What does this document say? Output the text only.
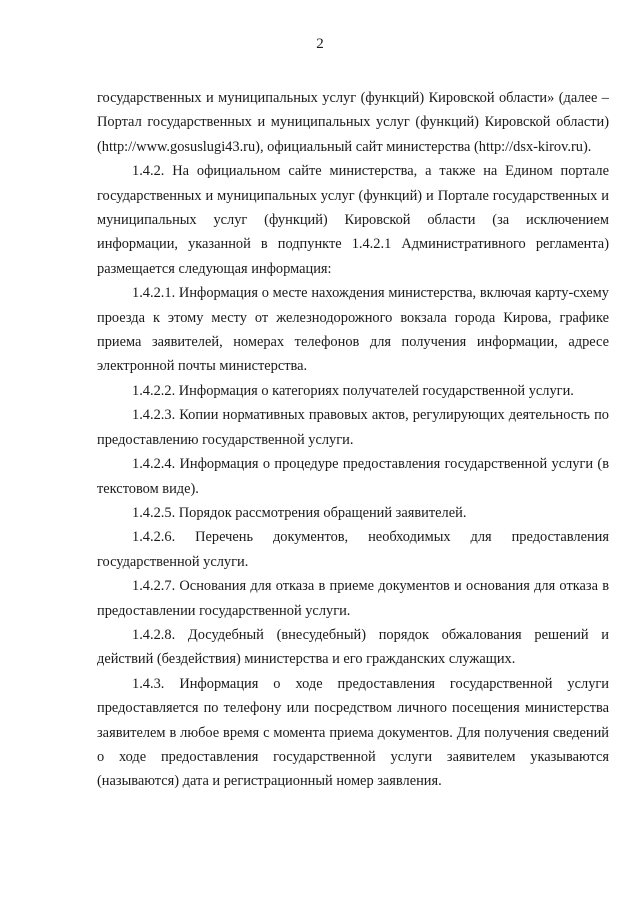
2

государственных и муниципальных услуг (функций) Кировской области» (далее – Портал государственных и муниципальных услуг (функций) Кировской области) (http://www.gosuslugi43.ru), официальный сайт министерства (http://dsx-kirov.ru).

1.4.2. На официальном сайте министерства, а также на Едином портале государственных и муниципальных услуг (функций) и Портале государственных и муниципальных услуг (функций) Кировской области (за исключением информации, указанной в подпункте 1.4.2.1 Административного регламента) размещается следующая информация:

1.4.2.1. Информация о месте нахождения министерства, включая карту-схему проезда к этому месту от железнодорожного вокзала города Кирова, графике приема заявителей, номерах телефонов для получения информации, адресе электронной почты министерства.

1.4.2.2. Информация о категориях получателей государственной услуги.

1.4.2.3. Копии нормативных правовых актов, регулирующих деятельность по предоставлению государственной услуги.

1.4.2.4. Информация о процедуре предоставления государственной услуги (в текстовом виде).

1.4.2.5. Порядок рассмотрения обращений заявителей.

1.4.2.6. Перечень документов, необходимых для предоставления государственной услуги.

1.4.2.7. Основания для отказа в приеме документов и основания для отказа в предоставлении государственной услуги.

1.4.2.8. Досудебный (внесудебный) порядок обжалования решений и действий (бездействия) министерства и его гражданских служащих.

1.4.3. Информация о ходе предоставления государственной услуги предоставляется по телефону или посредством личного посещения министерства заявителем в любое время с момента приема документов. Для получения сведений о ходе предоставления государственной услуги заявителем указываются (называются) дата и регистрационный номер заявления.
